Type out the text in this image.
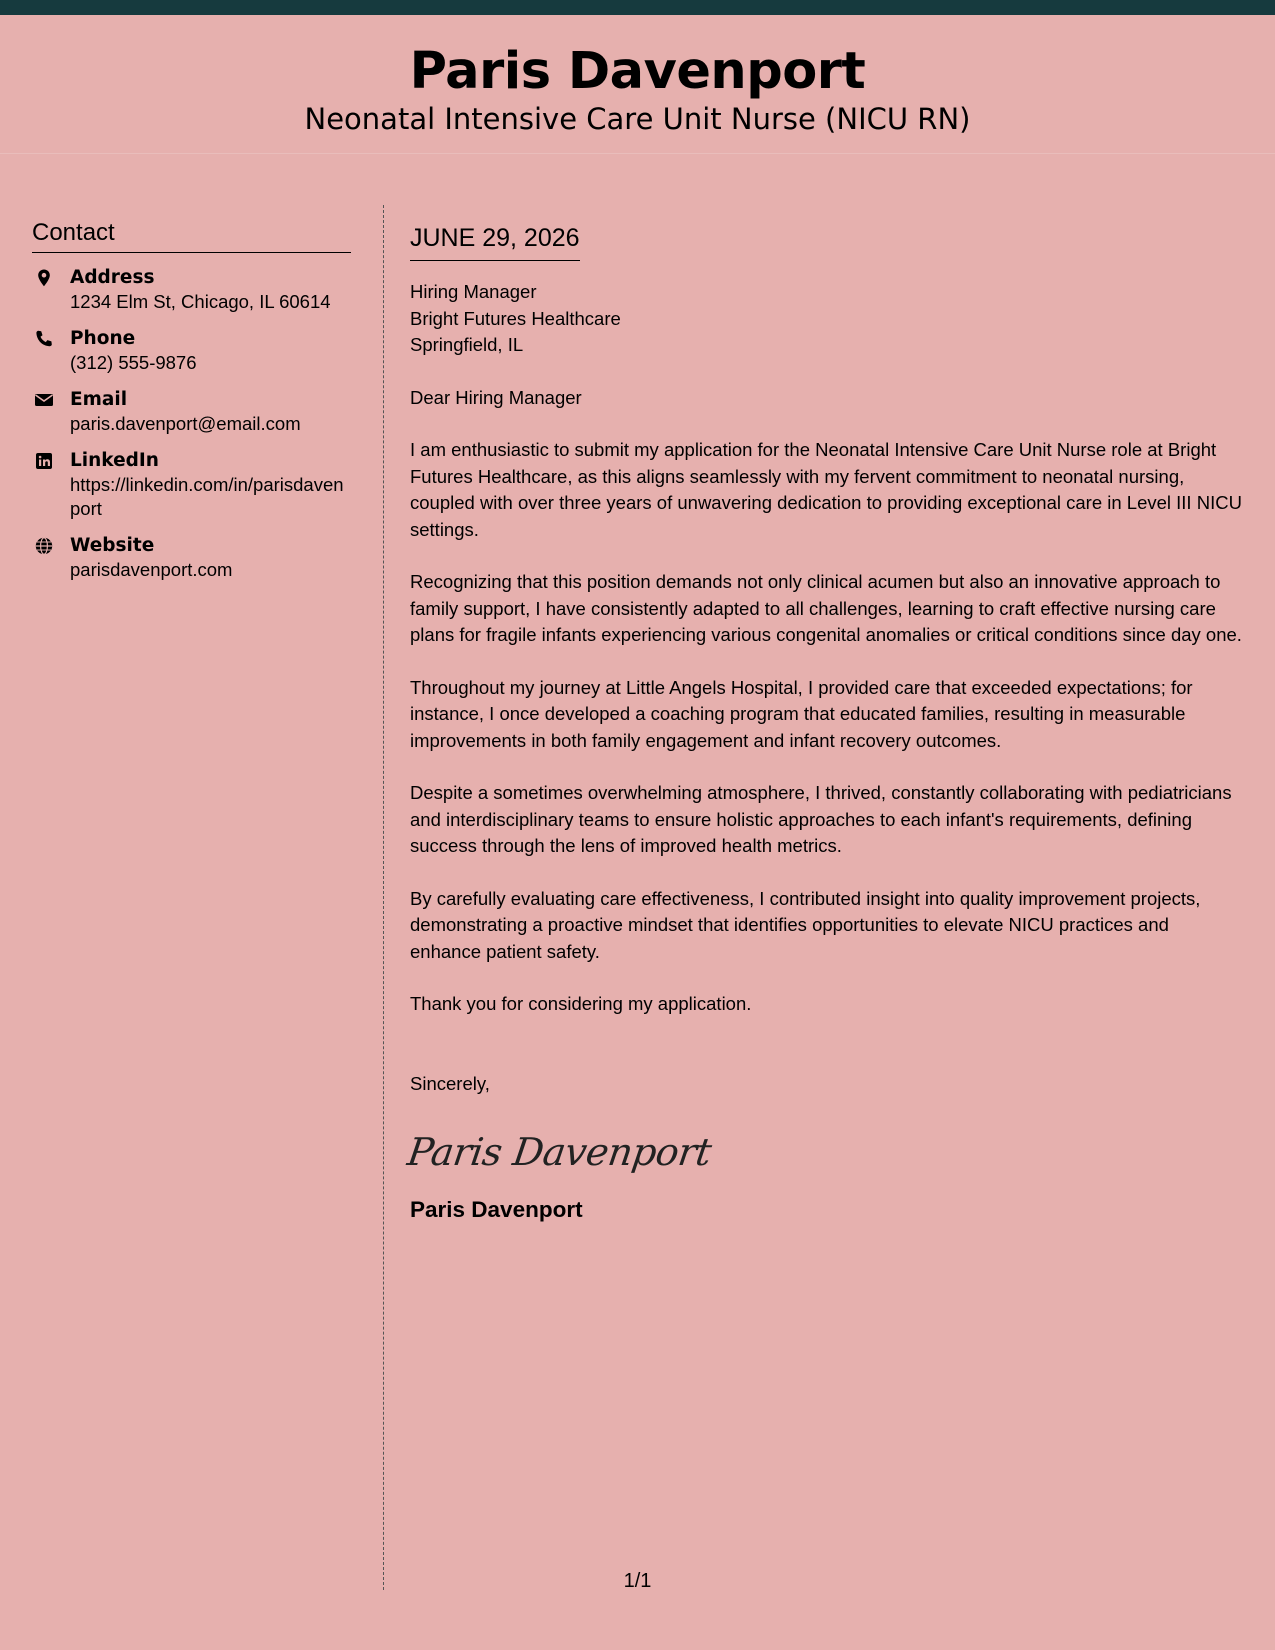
Paris Davenport
Neonatal Intensive Care Unit Nurse (NICU RN)
Contact
Address
1234 Elm St, Chicago, IL 60614
Phone
(312) 555-9876
Email
paris.davenport@email.com
LinkedIn
https://linkedin.com/in/parisdavenport
Website
parisdavenport.com
JUNE 29, 2026
Hiring Manager
Bright Futures Healthcare
Springfield, IL
Dear Hiring Manager
I am enthusiastic to submit my application for the Neonatal Intensive Care Unit Nurse role at Bright Futures Healthcare, as this aligns seamlessly with my fervent commitment to neonatal nursing, coupled with over three years of unwavering dedication to providing exceptional care in Level III NICU settings.
Recognizing that this position demands not only clinical acumen but also an innovative approach to family support, I have consistently adapted to all challenges, learning to craft effective nursing care plans for fragile infants experiencing various congenital anomalies or critical conditions since day one.
Throughout my journey at Little Angels Hospital, I provided care that exceeded expectations; for instance, I once developed a coaching program that educated families, resulting in measurable improvements in both family engagement and infant recovery outcomes.
Despite a sometimes overwhelming atmosphere, I thrived, constantly collaborating with pediatricians and interdisciplinary teams to ensure holistic approaches to each infant's requirements, defining success through the lens of improved health metrics.
By carefully evaluating care effectiveness, I contributed insight into quality improvement projects, demonstrating a proactive mindset that identifies opportunities to elevate NICU practices and enhance patient safety.
Thank you for considering my application.
Sincerely,
Paris Davenport
Paris Davenport
1/1
